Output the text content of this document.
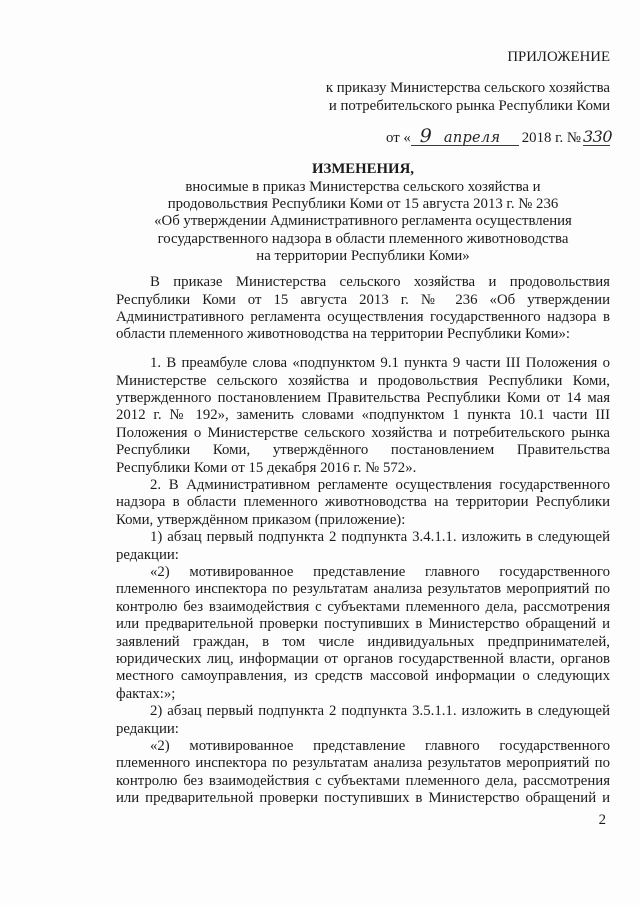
ПРИЛОЖЕНИЕ
к приказу Министерства сельского хозяйства
и потребительского рынка Республики Коми
от « 9 апреля 2018 г. № 330
ИЗМЕНЕНИЯ,
вносимые в приказ Министерства сельского хозяйства и
продовольствия Республики Коми от 15 августа 2013 г. № 236
«Об утверждении Административного регламента осуществления
государственного надзора в области племенного животноводства
на территории Республики Коми»
В приказе Министерства сельского хозяйства и продовольствия
Республики Коми от 15 августа 2013 г. № 236 «Об утверждении
Административного регламента осуществления государственного надзора в
области племенного животноводства на территории Республики Коми»:
1. В преамбуле слова «подпунктом 9.1 пункта 9 части III Положения о
Министерстве сельского хозяйства и продовольствия Республики Коми,
утвержденного постановлением Правительства Республики Коми от 14 мая
2012 г. № 192», заменить словами «подпунктом 1 пункта 10.1 части III
Положения о Министерстве сельского хозяйства и потребительского рынка
Республики Коми, утверждённого постановлением Правительства
Республики Коми от 15 декабря 2016 г. № 572».
2. В Административном регламенте осуществления государственного
надзора в области племенного животноводства на территории Республики
Коми, утверждённом приказом (приложение):
1) абзац первый подпункта 2 подпункта 3.4.1.1. изложить в следующей
редакции:
«2) мотивированное представление главного государственного
племенного инспектора по результатам анализа результатов мероприятий по
контролю без взаимодействия с субъектами племенного дела, рассмотрения
или предварительной проверки поступивших в Министерство обращений и
заявлений граждан, в том числе индивидуальных предпринимателей,
юридических лиц, информации от органов государственной власти, органов
местного самоуправления, из средств массовой информации о следующих
фактах:»;
2) абзац первый подпункта 2 подпункта 3.5.1.1. изложить в следующей
редакции:
«2) мотивированное представление главного государственного
племенного инспектора по результатам анализа результатов мероприятий по
контролю без взаимодействия с субъектами племенного дела, рассмотрения
или предварительной проверки поступивших в Министерство обращений и
2
